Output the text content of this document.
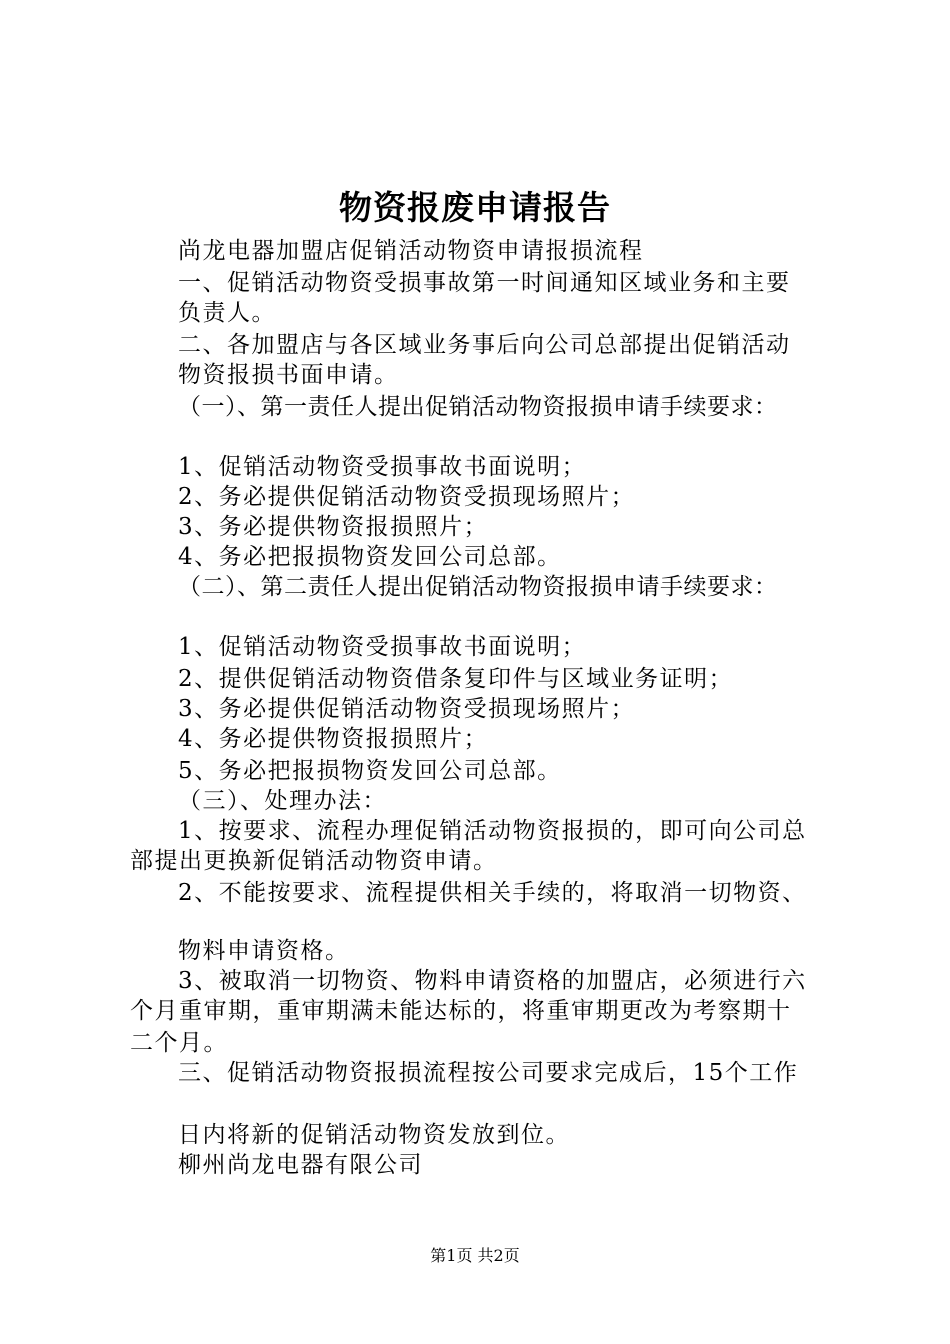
物资报废申请报告
尚龙电器加盟店促销活动物资申请报损流程
一、促销活动物资受损事故第一时间通知区域业务和主要
负责人。
二、各加盟店与各区域业务事后向公司总部提出促销活动
物资报损书面申请。
（一）、第一责任人提出促销活动物资报损申请手续要求：
1、促销活动物资受损事故书面说明；
2、务必提供促销活动物资受损现场照片；
3、务必提供物资报损照片；
4、务必把报损物资发回公司总部。
（二）、第二责任人提出促销活动物资报损申请手续要求：
1、促销活动物资受损事故书面说明；
2、提供促销活动物资借条复印件与区域业务证明；
3、务必提供促销活动物资受损现场照片；
4、务必提供物资报损照片；
5、务必把报损物资发回公司总部。
（三）、处理办法：
1、按要求、流程办理促销活动物资报损的，即可向公司总
部提出更换新促销活动物资申请。
2、不能按要求、流程提供相关手续的，将取消一切物资、
物料申请资格。
3、被取消一切物资、物料申请资格的加盟店，必须进行六
个月重审期，重审期满未能达标的，将重审期更改为考察期十
二个月。
三、促销活动物资报损流程按公司要求完成后，15个工作
日内将新的促销活动物资发放到位。
柳州尚龙电器有限公司
第1页 共2页
